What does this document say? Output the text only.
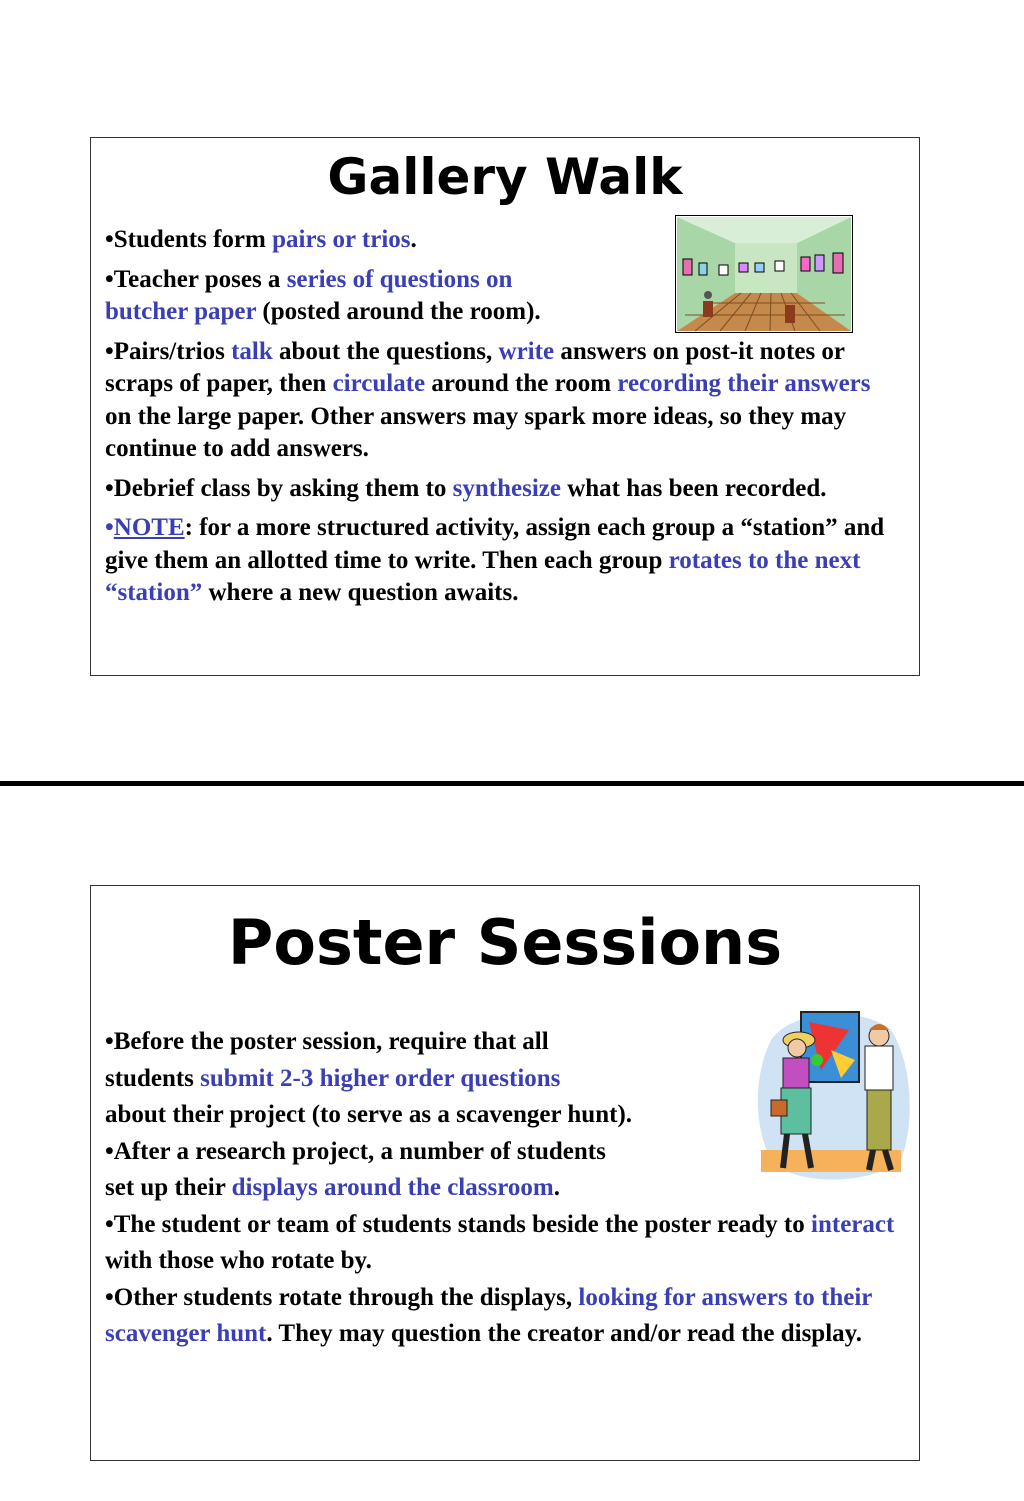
Gallery Walk
•Students form pairs or trios.
•Teacher poses a series of questions on
butcher paper (posted around the room).
•Pairs/trios talk about the questions, write answers on post-it notes or scraps of paper, then circulate around the room recording their answers on the large paper. Other answers may spark more ideas, so they may continue to add answers.
•Debrief class by asking them to synthesize what has been recorded.
•NOTE: for a more structured activity, assign each group a “station” and give them an allotted time to write. Then each group rotates to the next “station” where a new question awaits.
Poster Sessions
•Before the poster session, require that all
students submit 2-3 higher order questions
about their project (to serve as a scavenger hunt).
•After a research project, a number of students
set up their displays around the classroom.
•The student or team of students stands beside the poster ready to interact with those who rotate by.
•Other students rotate through the displays, looking for answers to their scavenger hunt. They may question the creator and/or read the display.
